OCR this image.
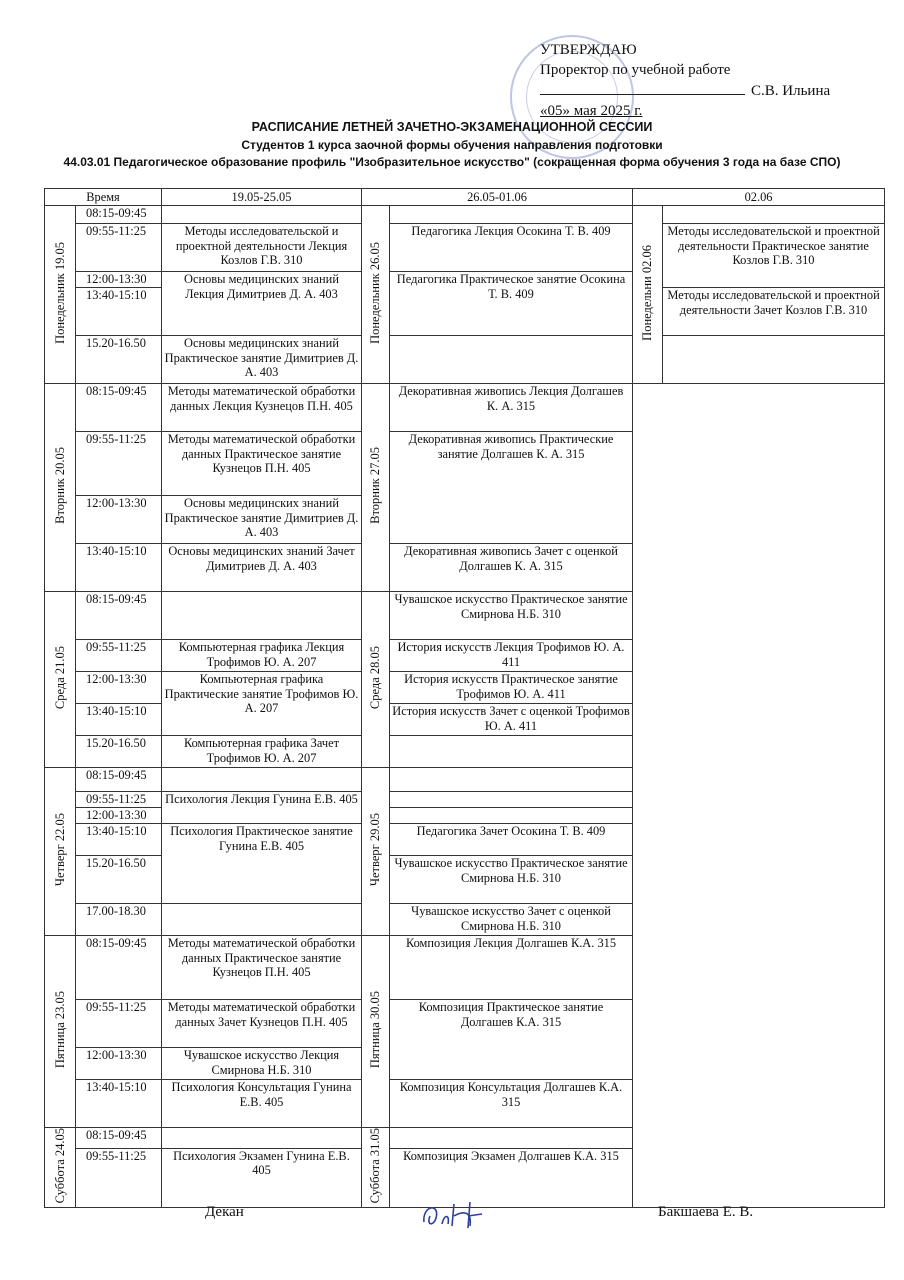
УТВЕРЖДАЮ
Проректор по учебной работе
С.В. Ильина
«05» мая 2025 г.
РАСПИСАНИЕ ЛЕТНЕЙ ЗАЧЕТНО-ЭКЗАМЕНАЦИОННОЙ СЕССИИ
Студентов 1 курса заочной формы обучения направления подготовки
44.03.01 Педагогическое образование профиль "Изобразительное искусство" (сокращенная форма обучения 3 года на базе СПО)
Время		19.05-25.05	26.05-01.06		02.06	
Понедельник 19.05	08:15-09:45		Понедельник 26.05		Понедельни 02.06	
	09:55-11:25	Методы исследовательской и проектной деятельности Лекция Козлов Г.В. 310		Педагогика Лекция Осокина Т. В. 409		Методы исследовательской и проектной деятельности Практическое занятие Козлов Г.В. 310
	12:00-13:30	Основы медицинских знаний Лекция Димитриев Д. А. 403		Педагогика Практическое занятие Осокина Т. В. 409		
	13:40-15:10					Методы исследовательской и проектной деятельности Зачет Козлов Г.В. 310
	15.20-16.50	Основы медицинских знаний Практическое занятие Димитриев Д. А. 403				
Вторник 20.05	08:15-09:45	Методы математической обработки данных Лекция Кузнецов П.Н. 405	Вторник 27.05	Декоративная живопись Лекция Долгашев К. А. 315		
	09:55-11:25	Методы математической обработки данных Практическое занятие Кузнецов П.Н. 405		Декоративная живопись Практические занятие Долгашев К. А. 315		
	12:00-13:30	Основы медицинских знаний Практическое занятие Димитриев Д. А. 403				
	13:40-15:10	Основы медицинских знаний Зачет Димитриев Д. А. 403		Декоративная живопись Зачет с оценкой Долгашев К. А. 315		
Среда 21.05	08:15-09:45		Среда 28.05	Чувашское искусство Практическое занятие Смирнова Н.Б. 310		
	09:55-11:25	Компьютерная графика Лекция Трофимов Ю. А. 207		История искусств Лекция Трофимов Ю. А. 411		
	12:00-13:30	Компьютерная графика Практические занятие Трофимов Ю. А. 207		История искусств Практическое занятие Трофимов Ю. А. 411		
	13:40-15:10			История искусств Зачет с оценкой Трофимов Ю. А. 411		
	15.20-16.50	Компьютерная графика Зачет Трофимов Ю. А. 207				
Четверг 22.05	08:15-09:45		Четверг 29.05			
	09:55-11:25	Психология Лекция Гунина Е.В. 405				
	12:00-13:30					
	13:40-15:10	Психология Практическое занятие Гунина Е.В. 405		Педагогика Зачет Осокина Т. В. 409		
	15.20-16.50			Чувашское искусство Практическое занятие Смирнова Н.Б. 310		
	17.00-18.30			Чувашское искусство Зачет с оценкой Смирнова Н.Б. 310		
Пятница 23.05	08:15-09:45	Методы математической обработки данных Практическое занятие Кузнецов П.Н. 405	Пятница 30.05	Композиция Лекция Долгашев К.А. 315		
	09:55-11:25	Методы математической обработки данных Зачет Кузнецов П.Н. 405		Композиция Практическое занятие Долгашев К.А. 315		
	12:00-13:30	Чувашское искусство Лекция Смирнова Н.Б. 310				
	13:40-15:10	Психология Консультация Гунина Е.В. 405		Композиция Консультация Долгашев К.А. 315		
Суббота 24.05	08:15-09:45		Суббота 31.05			
	09:55-11:25	Психология Экзамен Гунина Е.В. 405		Композиция Экзамен Долгашев К.А. 315		
Декан	Бакшаева Е. В.
